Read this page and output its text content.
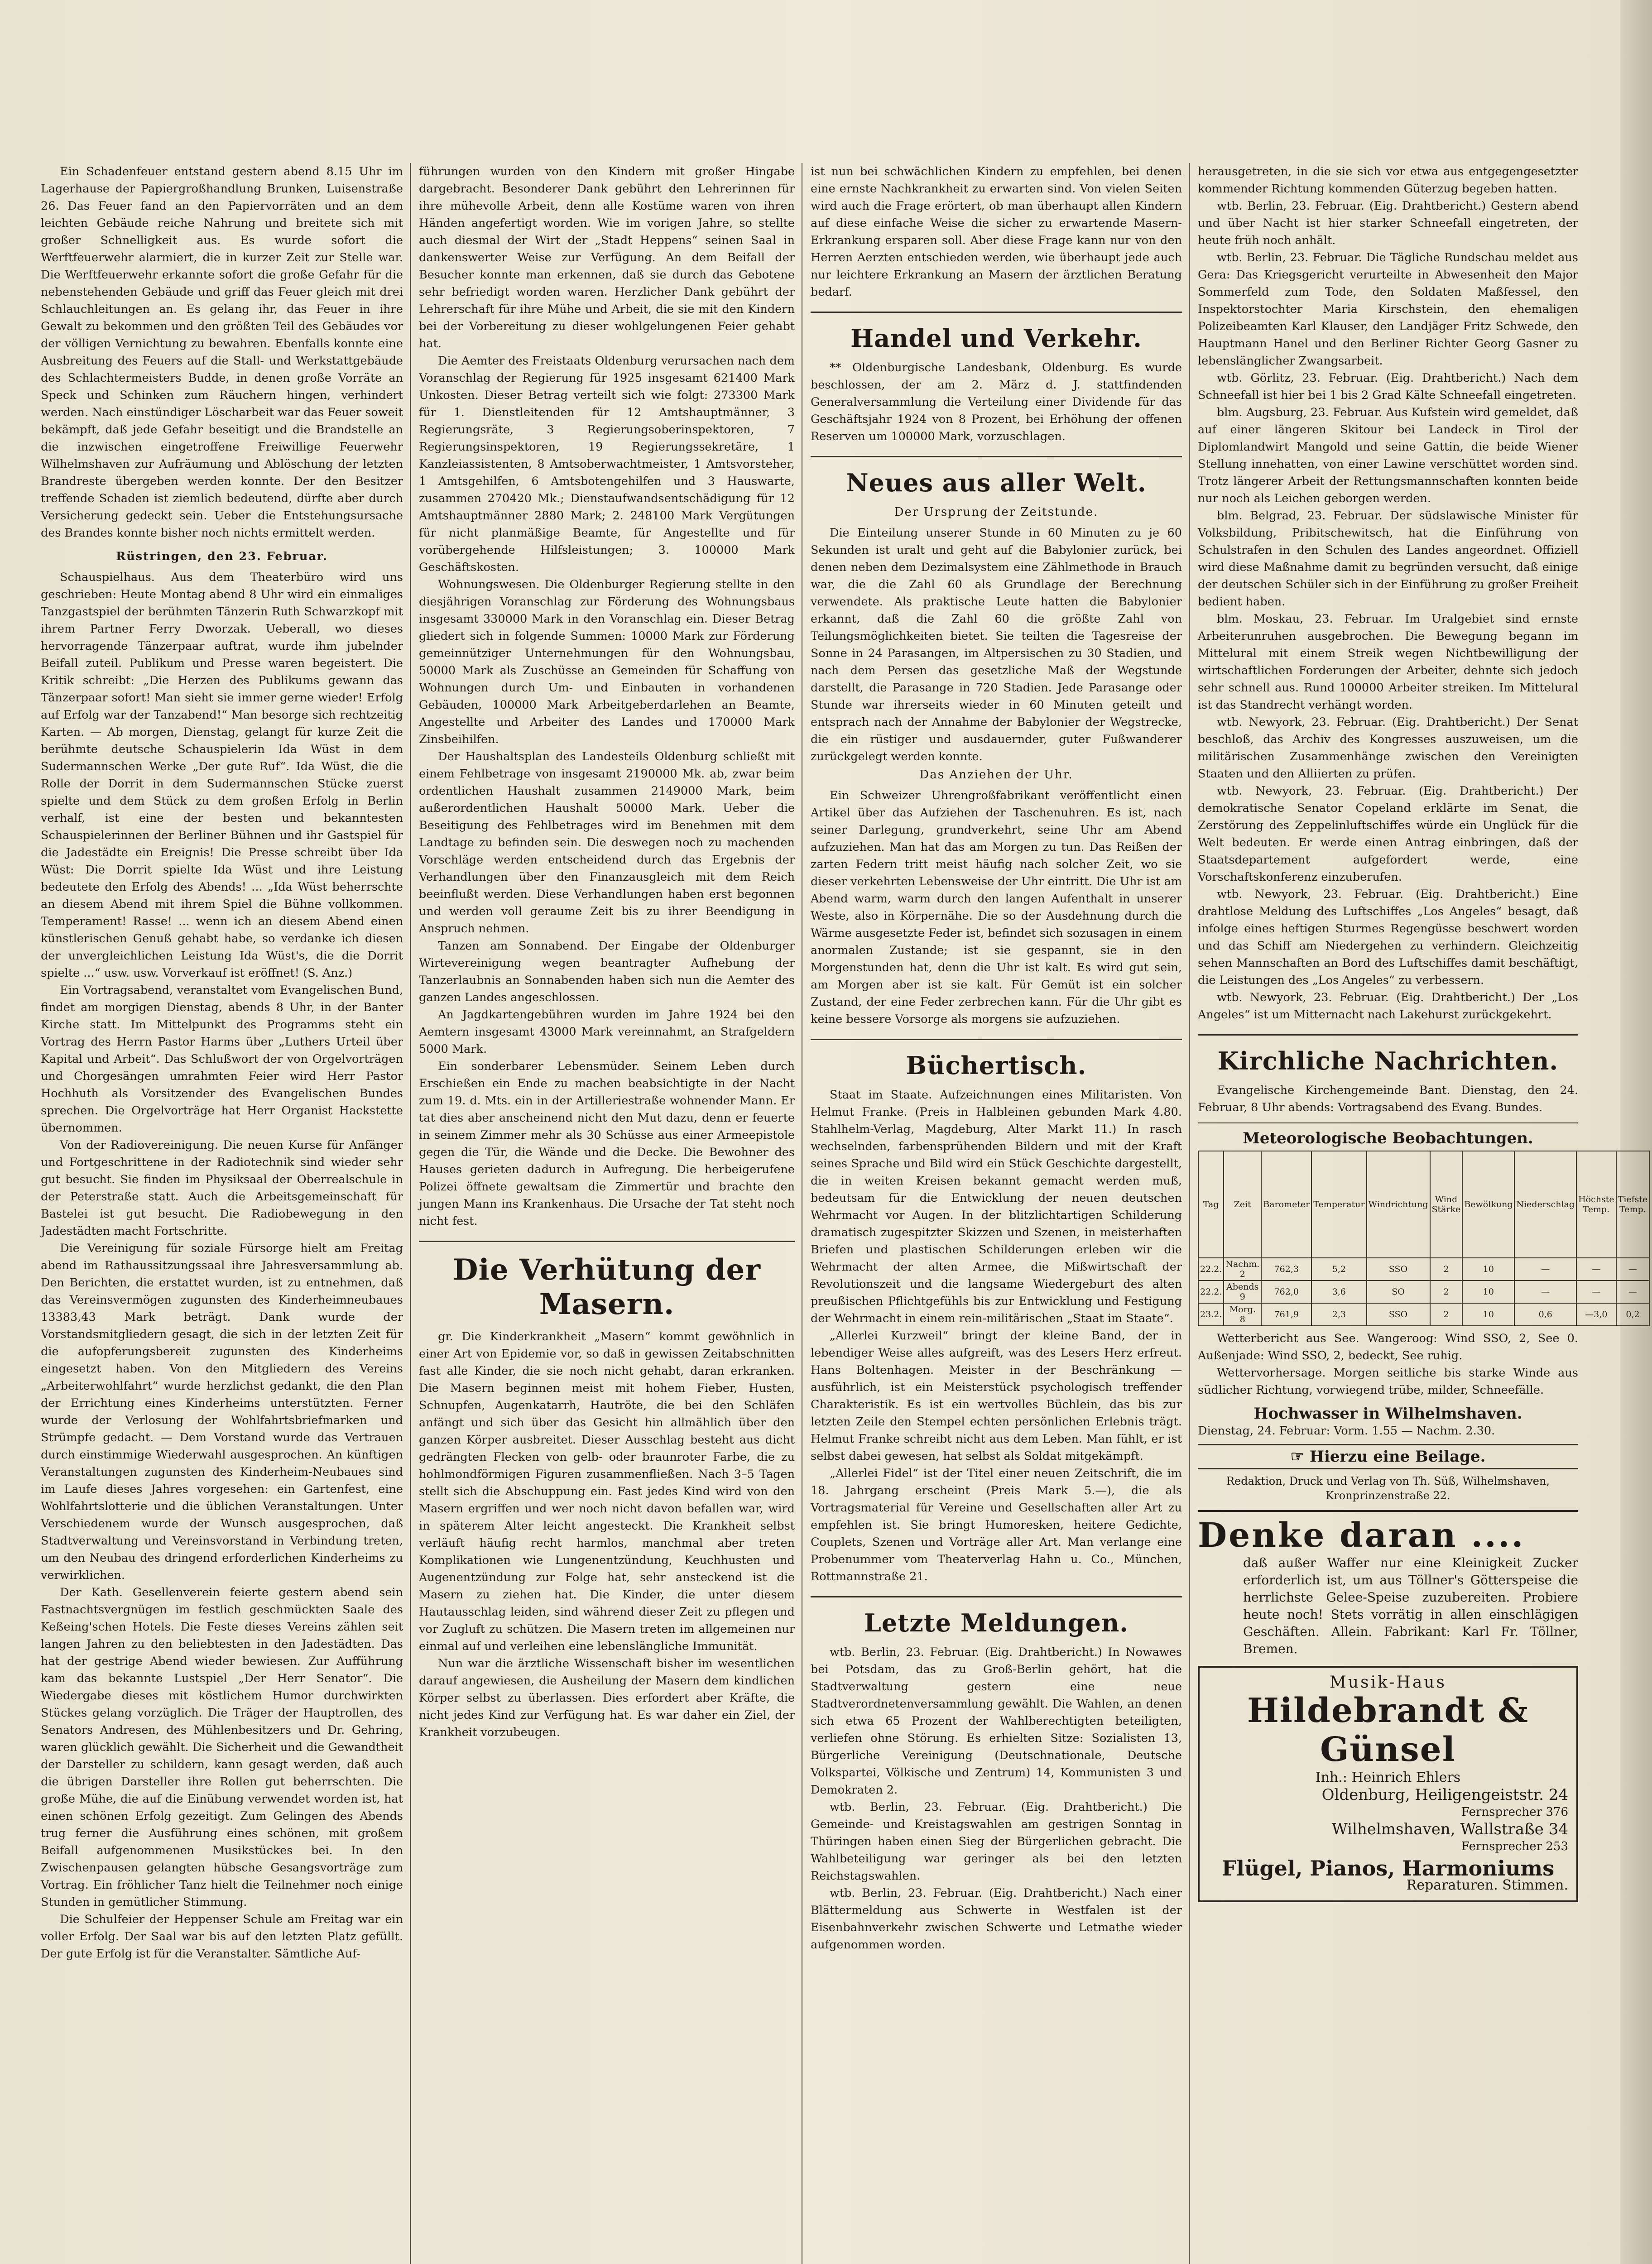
Ein Schadenfeuer entstand gestern abend 8.15 Uhr im Lagerhause der Papiergroßhandlung Brunken, Luisenstraße 26. Das Feuer fand an den Papiervorräten und an dem leichten Gebäude reiche Nahrung und breitete sich mit großer Schnelligkeit aus. Es wurde sofort die Werftfeuerwehr alarmiert, die in kurzer Zeit zur Stelle war. Die Werftfeuerwehr erkannte sofort die große Gefahr für die nebenstehenden Gebäude und griff das Feuer gleich mit drei Schlauchleitungen an. Es gelang ihr, das Feuer in ihre Gewalt zu bekommen und den größten Teil des Gebäudes vor der völligen Vernichtung zu bewahren. Ebenfalls konnte eine Ausbreitung des Feuers auf die Stall- und Werkstattgebäude des Schlachtermeisters Budde, in denen große Vorräte an Speck und Schinken zum Räuchern hingen, verhindert werden. Nach einstündiger Löscharbeit war das Feuer soweit bekämpft, daß jede Gefahr beseitigt und die Brandstelle an die inzwischen eingetroffene Freiwillige Feuerwehr Wilhelmshaven zur Aufräumung und Ablöschung der letzten Brandreste übergeben werden konnte. Der den Besitzer treffende Schaden ist ziemlich bedeutend, dürfte aber durch Versicherung gedeckt sein. Ueber die Entstehungsursache des Brandes konnte bisher noch nichts ermittelt werden.

Rüstringen, den 23. Februar.

Schauspielhaus. Aus dem Theaterbüro wird uns geschrieben: Heute Montag abend 8 Uhr wird ein einmaliges Tanzgastspiel der berühmten Tänzerin Ruth Schwarzkopf mit ihrem Partner Ferry Dworzak. Ueberall, wo dieses hervorragende Tänzerpaar auftrat, wurde ihm jubelnder Beifall zuteil. Publikum und Presse waren begeistert. Die Kritik schreibt: „Die Herzen des Publikums gewann das Tänzerpaar sofort! Man sieht sie immer gerne wieder! Erfolg auf Erfolg war der Tanzabend!“ Man besorge sich rechtzeitig Karten. — Ab morgen, Dienstag, gelangt für kurze Zeit die berühmte deutsche Schauspielerin Ida Wüst in dem Sudermannschen Werke „Der gute Ruf“. Ida Wüst, die die Rolle der Dorrit in dem Sudermannschen Stücke zuerst spielte und dem Stück zu dem großen Erfolg in Berlin verhalf, ist eine der besten und bekanntesten Schauspielerinnen der Berliner Bühnen und ihr Gastspiel für die Jadestädte ein Ereignis! Die Presse schreibt über Ida Wüst: Die Dorrit spielte Ida Wüst und ihre Leistung bedeutete den Erfolg des Abends! ... „Ida Wüst beherrschte an diesem Abend mit ihrem Spiel die Bühne vollkommen. Temperament! Rasse! ... wenn ich an diesem Abend einen künstlerischen Genuß gehabt habe, so verdanke ich diesen der unvergleichlichen Leistung Ida Wüst's, die die Dorrit spielte ...“ usw. usw. Vorverkauf ist eröffnet! (S. Anz.)

Ein Vortragsabend, veranstaltet vom Evangelischen Bund, findet am morgigen Dienstag, abends 8 Uhr, in der Banter Kirche statt. Im Mittelpunkt des Programms steht ein Vortrag des Herrn Pastor Harms über „Luthers Urteil über Kapital und Arbeit“. Das Schlußwort der von Orgelvorträgen und Chorgesängen umrahmten Feier wird Herr Pastor Hochhuth als Vorsitzender des Evangelischen Bundes sprechen. Die Orgelvorträge hat Herr Organist Hackstette übernommen.

Von der Radiovereinigung. Die neuen Kurse für Anfänger und Fortgeschrittene in der Radiotechnik sind wieder sehr gut besucht. Sie finden im Physiksaal der Oberrealschule in der Peterstraße statt. Auch die Arbeitsgemeinschaft für Bastelei ist gut besucht. Die Radiobewegung in den Jadestädten macht Fortschritte.

Die Vereinigung für soziale Fürsorge hielt am Freitag abend im Rathaussitzungssaal ihre Jahresversammlung ab. Den Berichten, die erstattet wurden, ist zu entnehmen, daß das Vereinsvermögen zugunsten des Kinderheimneubaues 13383,43 Mark beträgt. Dank wurde der Vorstandsmitgliedern gesagt, die sich in der letzten Zeit für die aufopferungsbereit zugunsten des Kinderheims eingesetzt haben. Von den Mitgliedern des Vereins „Arbeiterwohlfahrt“ wurde herzlichst gedankt, die den Plan der Errichtung eines Kinderheims unterstützten. Ferner wurde der Verlosung der Wohlfahrtsbriefmarken und Strümpfe gedacht. — Dem Vorstand wurde das Vertrauen durch einstimmige Wiederwahl ausgesprochen. An künftigen Veranstaltungen zugunsten des Kinderheim-Neubaues sind im Laufe dieses Jahres vorgesehen: ein Gartenfest, eine Wohlfahrtslotterie und die üblichen Veranstaltungen. Unter Verschiedenem wurde der Wunsch ausgesprochen, daß Stadtverwaltung und Vereinsvorstand in Verbindung treten, um den Neubau des dringend erforderlichen Kinderheims zu verwirklichen.

Der Kath. Gesellenverein feierte gestern abend sein Fastnachtsvergnügen im festlich geschmückten Saale des Keßeing'schen Hotels. Die Feste dieses Vereins zählen seit langen Jahren zu den beliebtesten in den Jadestädten. Das hat der gestrige Abend wieder bewiesen. Zur Aufführung kam das bekannte Lustspiel „Der Herr Senator“. Die Wiedergabe dieses mit köstlichem Humor durchwirkten Stückes gelang vorzüglich. Die Träger der Hauptrollen, des Senators Andresen, des Mühlenbesitzers und Dr. Gehring, waren glücklich gewählt. Die Sicherheit und die Gewandtheit der Darsteller zu schildern, kann gesagt werden, daß auch die übrigen Darsteller ihre Rollen gut beherrschten. Die große Mühe, die auf die Einübung verwendet worden ist, hat einen schönen Erfolg gezeitigt. Zum Gelingen des Abends trug ferner die Ausführung eines schönen, mit großem Beifall aufgenommenen Musikstückes bei. In den Zwischenpausen gelangten hübsche Gesangsvorträge zum Vortrag. Ein fröhlicher Tanz hielt die Teilnehmer noch einige Stunden in gemütlicher Stimmung.

Die Schulfeier der Heppenser Schule am Freitag war ein voller Erfolg. Der Saal war bis auf den letzten Platz gefüllt. Der gute Erfolg ist für die Veranstalter. Sämtliche Auf-

führungen wurden von den Kindern mit großer Hingabe dargebracht. Besonderer Dank gebührt den Lehrerinnen für ihre mühevolle Arbeit, denn alle Kostüme waren von ihren Händen angefertigt worden. Wie im vorigen Jahre, so stellte auch diesmal der Wirt der „Stadt Heppens“ seinen Saal in dankenswerter Weise zur Verfügung. An dem Beifall der Besucher konnte man erkennen, daß sie durch das Gebotene sehr befriedigt worden waren. Herzlicher Dank gebührt der Lehrerschaft für ihre Mühe und Arbeit, die sie mit den Kindern bei der Vorbereitung zu dieser wohlgelungenen Feier gehabt hat.

Die Aemter des Freistaats Oldenburg verursachen nach dem Voranschlag der Regierung für 1925 insgesamt 621400 Mark Unkosten. Dieser Betrag verteilt sich wie folgt: 273300 Mark für 1. Dienstleitenden für 12 Amtshauptmänner, 3 Regierungsräte, 3 Regierungsoberinspektoren, 7 Regierungsinspektoren, 19 Regierungssekretäre, 1 Kanzleiassistenten, 8 Amtsoberwachtmeister, 1 Amtsvorsteher, 1 Amtsgehilfen, 6 Amtsbotengehilfen und 3 Hauswarte, zusammen 270420 Mk.; Dienstaufwandsentschädigung für 12 Amtshauptmänner 2880 Mark; 2. 248100 Mark Vergütungen für nicht planmäßige Beamte, für Angestellte und für vorübergehende Hilfsleistungen; 3. 100000 Mark Geschäftskosten.

Wohnungswesen. Die Oldenburger Regierung stellte in den diesjährigen Voranschlag zur Förderung des Wohnungsbaus insgesamt 330000 Mark in den Voranschlag ein. Dieser Betrag gliedert sich in folgende Summen: 10000 Mark zur Förderung gemeinnütziger Unternehmungen für den Wohnungsbau, 50000 Mark als Zuschüsse an Gemeinden für Schaffung von Wohnungen durch Um- und Einbauten in vorhandenen Gebäuden, 100000 Mark Arbeitgeberdarlehen an Beamte, Angestellte und Arbeiter des Landes und 170000 Mark Zinsbeihilfen.

Der Haushaltsplan des Landesteils Oldenburg schließt mit einem Fehlbetrage von insgesamt 2190000 Mk. ab, zwar beim ordentlichen Haushalt zusammen 2149000 Mark, beim außerordentlichen Haushalt 50000 Mark. Ueber die Beseitigung des Fehlbetrages wird im Benehmen mit dem Landtage zu befinden sein. Die deswegen noch zu machenden Vorschläge werden entscheidend durch das Ergebnis der Verhandlungen über den Finanzausgleich mit dem Reich beeinflußt werden. Diese Verhandlungen haben erst begonnen und werden voll geraume Zeit bis zu ihrer Beendigung in Anspruch nehmen.

Tanzen am Sonnabend. Der Eingabe der Oldenburger Wirtevereinigung wegen beantragter Aufhebung der Tanzerlaubnis an Sonnabenden haben sich nun die Aemter des ganzen Landes angeschlossen.

An Jagdkartengebühren wurden im Jahre 1924 bei den Aemtern insgesamt 43000 Mark vereinnahmt, an Strafgeldern 5000 Mark.

Ein sonderbarer Lebensmüder. Seinem Leben durch Erschießen ein Ende zu machen beabsichtigte in der Nacht zum 19. d. Mts. ein in der Artilleriestraße wohnender Mann. Er tat dies aber anscheinend nicht den Mut dazu, denn er feuerte in seinem Zimmer mehr als 30 Schüsse aus einer Armeepistole gegen die Tür, die Wände und die Decke. Die Bewohner des Hauses gerieten dadurch in Aufregung. Die herbeigerufene Polizei öffnete gewaltsam die Zimmertür und brachte den jungen Mann ins Krankenhaus. Die Ursache der Tat steht noch nicht fest.

Die Verhütung der Masern.

gr. Die Kinderkrankheit „Masern“ kommt gewöhnlich in einer Art von Epidemie vor, so daß in gewissen Zeitabschnitten fast alle Kinder, die sie noch nicht gehabt, daran erkranken. Die Masern beginnen meist mit hohem Fieber, Husten, Schnupfen, Augenkatarrh, Hautröte, die bei den Schläfen anfängt und sich über das Gesicht hin allmählich über den ganzen Körper ausbreitet. Dieser Ausschlag besteht aus dicht gedrängten Flecken von gelb- oder braunroter Farbe, die zu hohlmondförmigen Figuren zusammenfließen. Nach 3–5 Tagen stellt sich die Abschuppung ein. Fast jedes Kind wird von den Masern ergriffen und wer noch nicht davon befallen war, wird in späterem Alter leicht angesteckt. Die Krankheit selbst verläuft häufig recht harmlos, manchmal aber treten Komplikationen wie Lungenentzündung, Keuchhusten und Augenentzündung zur Folge hat, sehr ansteckend ist die Masern zu ziehen hat. Die Kinder, die unter diesem Hautausschlag leiden, sind während dieser Zeit zu pflegen und vor Zugluft zu schützen. Die Masern treten im allgemeinen nur einmal auf und verleihen eine lebenslängliche Immunität.

Nun war die ärztliche Wissenschaft bisher im wesentlichen darauf angewiesen, die Ausheilung der Masern dem kindlichen Körper selbst zu überlassen. Dies erfordert aber Kräfte, die nicht jedes Kind zur Verfügung hat. Es war daher ein Ziel, der Krankheit vorzubeugen.

ist nun bei schwächlichen Kindern zu empfehlen, bei denen eine ernste Nachkrankheit zu erwarten sind. Von vielen Seiten wird auch die Frage erörtert, ob man überhaupt allen Kindern auf diese einfache Weise die sicher zu erwartende Masern-Erkrankung ersparen soll. Aber diese Frage kann nur von den Herren Aerzten entschieden werden, wie überhaupt jede auch nur leichtere Erkrankung an Masern der ärztlichen Beratung bedarf.

Handel und Verkehr.

** Oldenburgische Landesbank, Oldenburg. Es wurde beschlossen, der am 2. März d. J. stattfindenden Generalversammlung die Verteilung einer Dividende für das Geschäftsjahr 1924 von 8 Prozent, bei Erhöhung der offenen Reserven um 100000 Mark, vorzuschlagen.

Neues aus aller Welt.
Der Ursprung der Zeitstunde.

Die Einteilung unserer Stunde in 60 Minuten zu je 60 Sekunden ist uralt und geht auf die Babylonier zurück, bei denen neben dem Dezimalsystem eine Zählmethode in Brauch war, die die Zahl 60 als Grundlage der Berechnung verwendete. Als praktische Leute hatten die Babylonier erkannt, daß die Zahl 60 die größte Zahl von Teilungsmöglichkeiten bietet. Sie teilten die Tagesreise der Sonne in 24 Parasangen, im Altpersischen zu 30 Stadien, und nach dem Persen das gesetzliche Maß der Wegstunde darstellt, die Parasange in 720 Stadien. Jede Parasange oder Stunde war ihrerseits wieder in 60 Minuten geteilt und entsprach nach der Annahme der Babylonier der Wegstrecke, die ein rüstiger und ausdauernder, guter Fußwanderer zurückgelegt werden konnte.

Das Anziehen der Uhr.

Ein Schweizer Uhrengroßfabrikant veröffentlicht einen Artikel über das Aufziehen der Taschenuhren. Es ist, nach seiner Darlegung, grundverkehrt, seine Uhr am Abend aufzuziehen. Man hat das am Morgen zu tun. Das Reißen der zarten Federn tritt meist häufig nach solcher Zeit, wo sie dieser verkehrten Lebensweise der Uhr eintritt. Die Uhr ist am Abend warm, warm durch den langen Aufenthalt in unserer Weste, also in Körpernähe. Die so der Ausdehnung durch die Wärme ausgesetzte Feder ist, befindet sich sozusagen in einem anormalen Zustande; ist sie gespannt, sie in den Morgenstunden hat, denn die Uhr ist kalt. Es wird gut sein, am Morgen aber ist sie kalt. Für Gemüt ist ein solcher Zustand, der eine Feder zerbrechen kann. Für die Uhr gibt es keine bessere Vorsorge als morgens sie aufzuziehen.

Büchertisch.

Staat im Staate. Aufzeichnungen eines Militaristen. Von Helmut Franke. (Preis in Halbleinen gebunden Mark 4.80. Stahlhelm-Verlag, Magdeburg, Alter Markt 11.) In rasch wechselnden, farbensprühenden Bildern und mit der Kraft seines Sprache und Bild wird ein Stück Geschichte dargestellt, die in weiten Kreisen bekannt gemacht werden muß, bedeutsam für die Entwicklung der neuen deutschen Wehrmacht vor Augen. In der blitzlichtartigen Schilderung dramatisch zugespitzter Skizzen und Szenen, in meisterhaften Briefen und plastischen Schilderungen erleben wir die Wehrmacht der alten Armee, die Mißwirtschaft der Revolutionszeit und die langsame Wiedergeburt des alten preußischen Pflichtgefühls bis zur Entwicklung und Festigung der Wehrmacht in einem rein-militärischen „Staat im Staate“.

„Allerlei Kurzweil“ bringt der kleine Band, der in lebendiger Weise alles aufgreift, was des Lesers Herz erfreut. Hans Boltenhagen. Meister in der Beschränkung — ausführlich, ist ein Meisterstück psychologisch treffender Charakteristik. Es ist ein wertvolles Büchlein, das bis zur letzten Zeile den Stempel echten persönlichen Erlebnis trägt. Helmut Franke schreibt nicht aus dem Leben. Man fühlt, er ist selbst dabei gewesen, hat selbst als Soldat mitgekämpft.

„Allerlei Fidel“ ist der Titel einer neuen Zeitschrift, die im 18. Jahrgang erscheint (Preis Mark 5.—), die als Vortragsmaterial für Vereine und Gesellschaften aller Art zu empfehlen ist. Sie bringt Humoresken, heitere Gedichte, Couplets, Szenen und Vorträge aller Art. Man verlange eine Probenummer vom Theaterverlag Hahn u. Co., München, Rottmannstraße 21.

Letzte Meldungen.

wtb. Berlin, 23. Februar. (Eig. Drahtbericht.) In Nowawes bei Potsdam, das zu Groß-Berlin gehört, hat die Stadtverwaltung gestern eine neue Stadtverordnetenversammlung gewählt. Die Wahlen, an denen sich etwa 65 Prozent der Wahlberechtigten beteiligten, verliefen ohne Störung. Es erhielten Sitze: Sozialisten 13, Bürgerliche Vereinigung (Deutschnationale, Deutsche Volkspartei, Völkische und Zentrum) 14, Kommunisten 3 und Demokraten 2.

wtb. Berlin, 23. Februar. (Eig. Drahtbericht.) Die Gemeinde- und Kreistagswahlen am gestrigen Sonntag in Thüringen haben einen Sieg der Bürgerlichen gebracht. Die Wahlbeteiligung war geringer als bei den letzten Reichstagswahlen.

wtb. Berlin, 23. Februar. (Eig. Drahtbericht.) Nach einer Blättermeldung aus Schwerte in Westfalen ist der Eisenbahnverkehr zwischen Schwerte und Letmathe wieder aufgenommen worden.

herausgetreten, in die sie sich vor etwa aus entgegengesetzter kommender Richtung kommenden Güterzug begeben hatten.

wtb. Berlin, 23. Februar. (Eig. Drahtbericht.) Gestern abend und über Nacht ist hier starker Schneefall eingetreten, der heute früh noch anhält.

wtb. Berlin, 23. Februar. Die Tägliche Rundschau meldet aus Gera: Das Kriegsgericht verurteilte in Abwesenheit den Major Sommerfeld zum Tode, den Soldaten Maßfessel, den Inspektorstochter Maria Kirschstein, den ehemaligen Polizeibeamten Karl Klauser, den Landjäger Fritz Schwede, den Hauptmann Hanel und den Berliner Richter Georg Gasner zu lebenslänglicher Zwangsarbeit.

wtb. Görlitz, 23. Februar. (Eig. Drahtbericht.) Nach dem Schneefall ist hier bei 1 bis 2 Grad Kälte Schneefall eingetreten.

blm. Augsburg, 23. Februar. Aus Kufstein wird gemeldet, daß auf einer längeren Skitour bei Landeck in Tirol der Diplomlandwirt Mangold und seine Gattin, die beide Wiener Stellung innehatten, von einer Lawine verschüttet worden sind. Trotz längerer Arbeit der Rettungsmannschaften konnten beide nur noch als Leichen geborgen werden.

blm. Belgrad, 23. Februar. Der südslawische Minister für Volksbildung, Pribitschewitsch, hat die Einführung von Schulstrafen in den Schulen des Landes angeordnet. Offiziell wird diese Maßnahme damit zu begründen versucht, daß einige der deutschen Schüler sich in der Einführung zu großer Freiheit bedient haben.

blm. Moskau, 23. Februar. Im Uralgebiet sind ernste Arbeiterunruhen ausgebrochen. Die Bewegung begann im Mittelural mit einem Streik wegen Nichtbewilligung der wirtschaftlichen Forderungen der Arbeiter, dehnte sich jedoch sehr schnell aus. Rund 100000 Arbeiter streiken. Im Mittelural ist das Standrecht verhängt worden.

wtb. Newyork, 23. Februar. (Eig. Drahtbericht.) Der Senat beschloß, das Archiv des Kongresses auszuweisen, um die militärischen Zusammenhänge zwischen den Vereinigten Staaten und den Alliierten zu prüfen.

wtb. Newyork, 23. Februar. (Eig. Drahtbericht.) Der demokratische Senator Copeland erklärte im Senat, die Zerstörung des Zeppelinluftschiffes würde ein Unglück für die Welt bedeuten. Er werde einen Antrag einbringen, daß der Staatsdepartement aufgefordert werde, eine Vorschaftskonferenz einzuberufen.

wtb. Newyork, 23. Februar. (Eig. Drahtbericht.) Eine drahtlose Meldung des Luftschiffes „Los Angeles“ besagt, daß infolge eines heftigen Sturmes Regengüsse beschwert worden und das Schiff am Niedergehen zu verhindern. Gleichzeitig sehen Mannschaften an Bord des Luftschiffes damit beschäftigt, die Leistungen des „Los Angeles“ zu verbessern.

wtb. Newyork, 23. Februar. (Eig. Drahtbericht.) Der „Los Angeles“ ist um Mitternacht nach Lakehurst zurückgekehrt.

Kirchliche Nachrichten.

Evangelische Kirchengemeinde Bant. Dienstag, den 24. Februar, 8 Uhr abends: Vortragsabend des Evang. Bundes.

Meteorologische Beobachtungen.
Tag	Zeit	Barometer	Temperatur	Windrichtung	Wind Stärke	Bewölkung	Niederschlag	Höchste Temp.	Tiefste Temp.
22.2.	Nachm. 2	762,3	5,2	SSO	2	10	—	—	—
22.2.	Abends 9	762,0	3,6	SO	2	10	—	—	—
23.2.	Morg. 8	761,9	2,3	SSO	2	10	0,6	—3,0	0,2

Wetterbericht aus See. Wangeroog: Wind SSO, 2, See 0. Außenjade: Wind SSO, 2, bedeckt, See ruhig.

Wettervorhersage. Morgen seitliche bis starke Winde aus südlicher Richtung, vorwiegend trübe, milder, Schneefälle.

Hochwasser in Wilhelmshaven.

Dienstag, 24. Februar: Vorm. 1.55 — Nachm. 2.30.

☞ Hierzu eine Beilage.
Redaktion, Druck und Verlag von Th. Süß, Wilhelmshaven, Kronprinzenstraße 22.
Denke daran ....
daß außer Waffer nur eine Kleinigkeit Zucker erforderlich ist, um aus Töllner's Götterspeise die herrlichste Gelee-Speise zuzubereiten. Probiere heute noch! Stets vorrätig in allen einschlägigen Geschäften. Allein. Fabrikant: Karl Fr. Töllner, Bremen.
Musik-Haus
Hildebrandt & Günsel
Inh.: Heinrich Ehlers
Oldenburg, Heiligengeiststr. 24
Fernsprecher 376
Wilhelmshaven, Wallstraße 34
Fernsprecher 253
Flügel, Pianos, Harmoniums
Reparaturen. Stimmen.
